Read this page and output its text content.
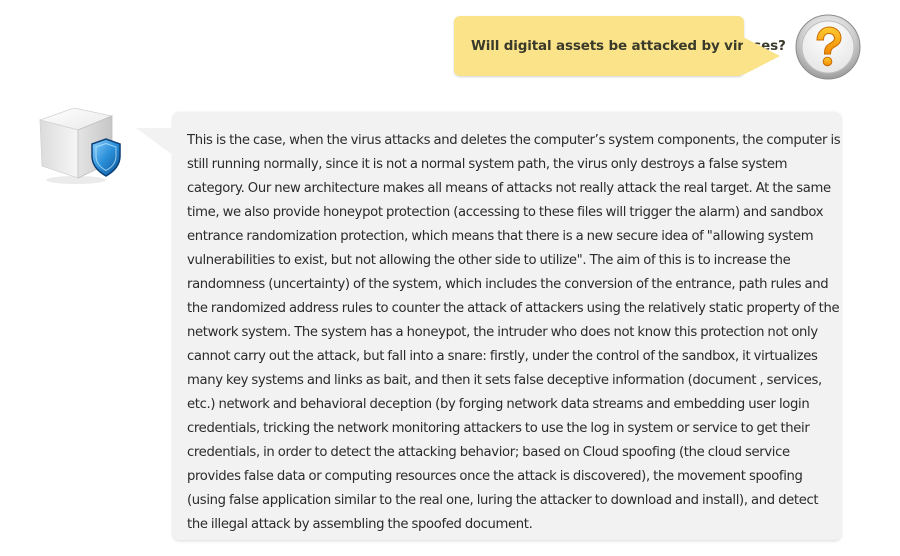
Will digital assets be attacked by viruses?

This is the case, when the virus attacks and deletes the computer’s system components, the computer is still running normally, since it is not a normal system path, the virus only destroys a false system category. Our new architecture makes all means of attacks not really attack the real target. At the same time, we also provide honeypot protection (accessing to these files will trigger the alarm) and sandbox entrance randomization protection, which means that there is a new secure idea of "allowing system vulnerabilities to exist, but not allowing the other side to utilize". The aim of this is to increase the randomness (uncertainty) of the system, which includes the conversion of the entrance, path rules and the randomized address rules to counter the attack of attackers using the relatively static property of the network system. The system has a honeypot, the intruder who does not know this protection not only cannot carry out the attack, but fall into a snare: firstly, under the control of the sandbox, it virtualizes many key systems and links as bait, and then it sets false deceptive information (document , services, etc.) network and behavioral deception (by forging network data streams and embedding user login credentials, tricking the network monitoring attackers to use the log in system or service to get their credentials, in order to detect the attacking behavior; based on Cloud spoofing (the cloud service provides false data or computing resources once the attack is discovered), the movement spoofing (using false application similar to the real one, luring the attacker to download and install), and detect the illegal attack by assembling the spoofed document.
